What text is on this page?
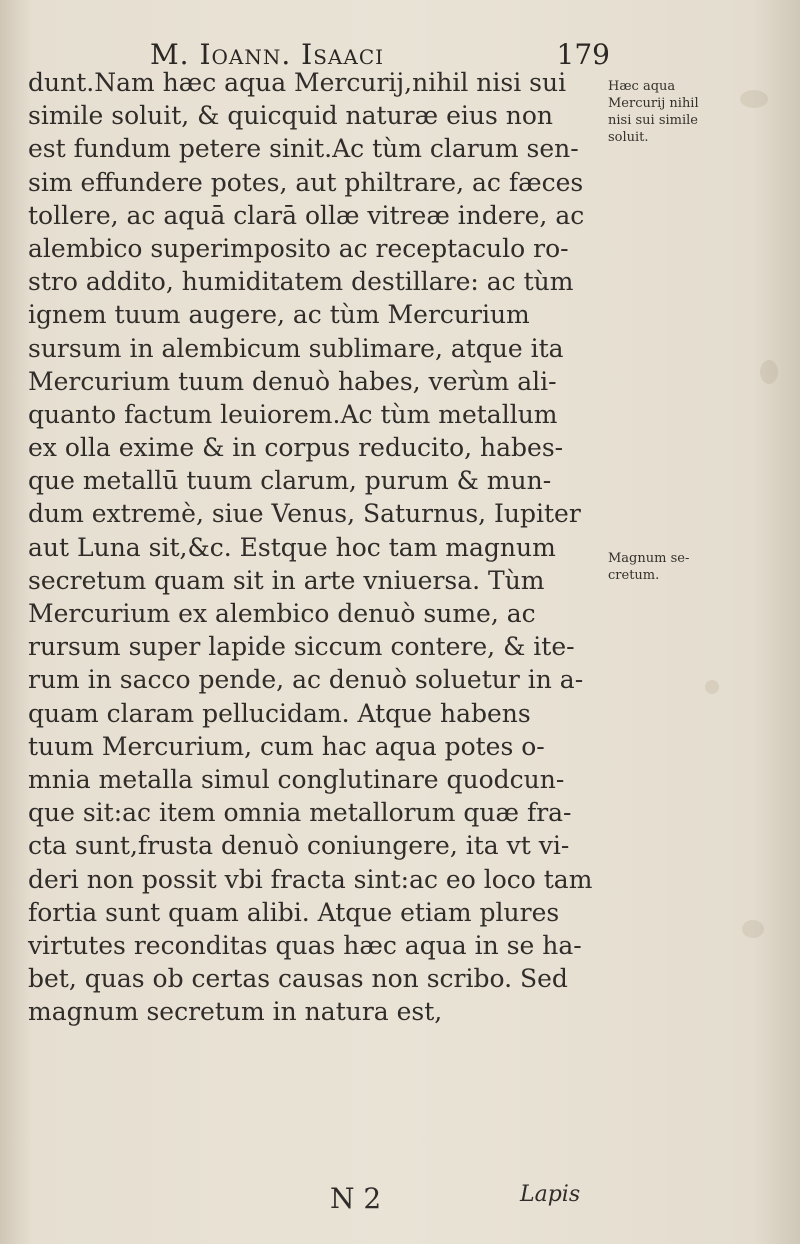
M. Ioann. Isaaci	179
dunt.Nam hæc aqua Mercurij,nihil nisi sui
simile soluit, & quicquid naturæ eius non
est fundum petere sinit.Ac tùm clarum sen-
sim effundere potes, aut philtrare, ac fæces
tollere, ac aquā clarā ollæ vitreæ indere, ac
alembico superimposito ac receptaculo ro-
stro addito, humiditatem destillare: ac tùm
ignem tuum augere, ac tùm Mercurium
sursum in alembicum sublimare, atque ita
Mercurium tuum denuò habes, verùm ali-
quanto factum leuiorem.Ac tùm metallum
ex olla exime & in corpus reducito, habes-
que metallū tuum clarum, purum & mun-
dum extremè, siue Venus, Saturnus, Iupiter
aut Luna sit,&c. Estque hoc tam magnum
secretum quam sit in arte vniuersa. Tùm
Mercurium ex alembico denuò sume, ac
rursum super lapide siccum contere, & ite-
rum in sacco pende, ac denuò soluetur in a-
quam claram pellucidam. Atque habens
tuum Mercurium, cum hac aqua potes o-
mnia metalla simul conglutinare quodcun-
que sit:ac item omnia metallorum quæ fra-
cta sunt,frusta denuò coniungere, ita vt vi-
deri non possit vbi fracta sint:ac eo loco tam
fortia sunt quam alibi. Atque etiam plures
virtutes reconditas quas hæc aqua in se ha-
bet, quas ob certas causas non scribo. Sed
magnum secretum in natura est,
Hæc aqua
Mercurij nihil
nisi sui simile
soluit.
Magnum se-
cretum.
N 2	Lapis
